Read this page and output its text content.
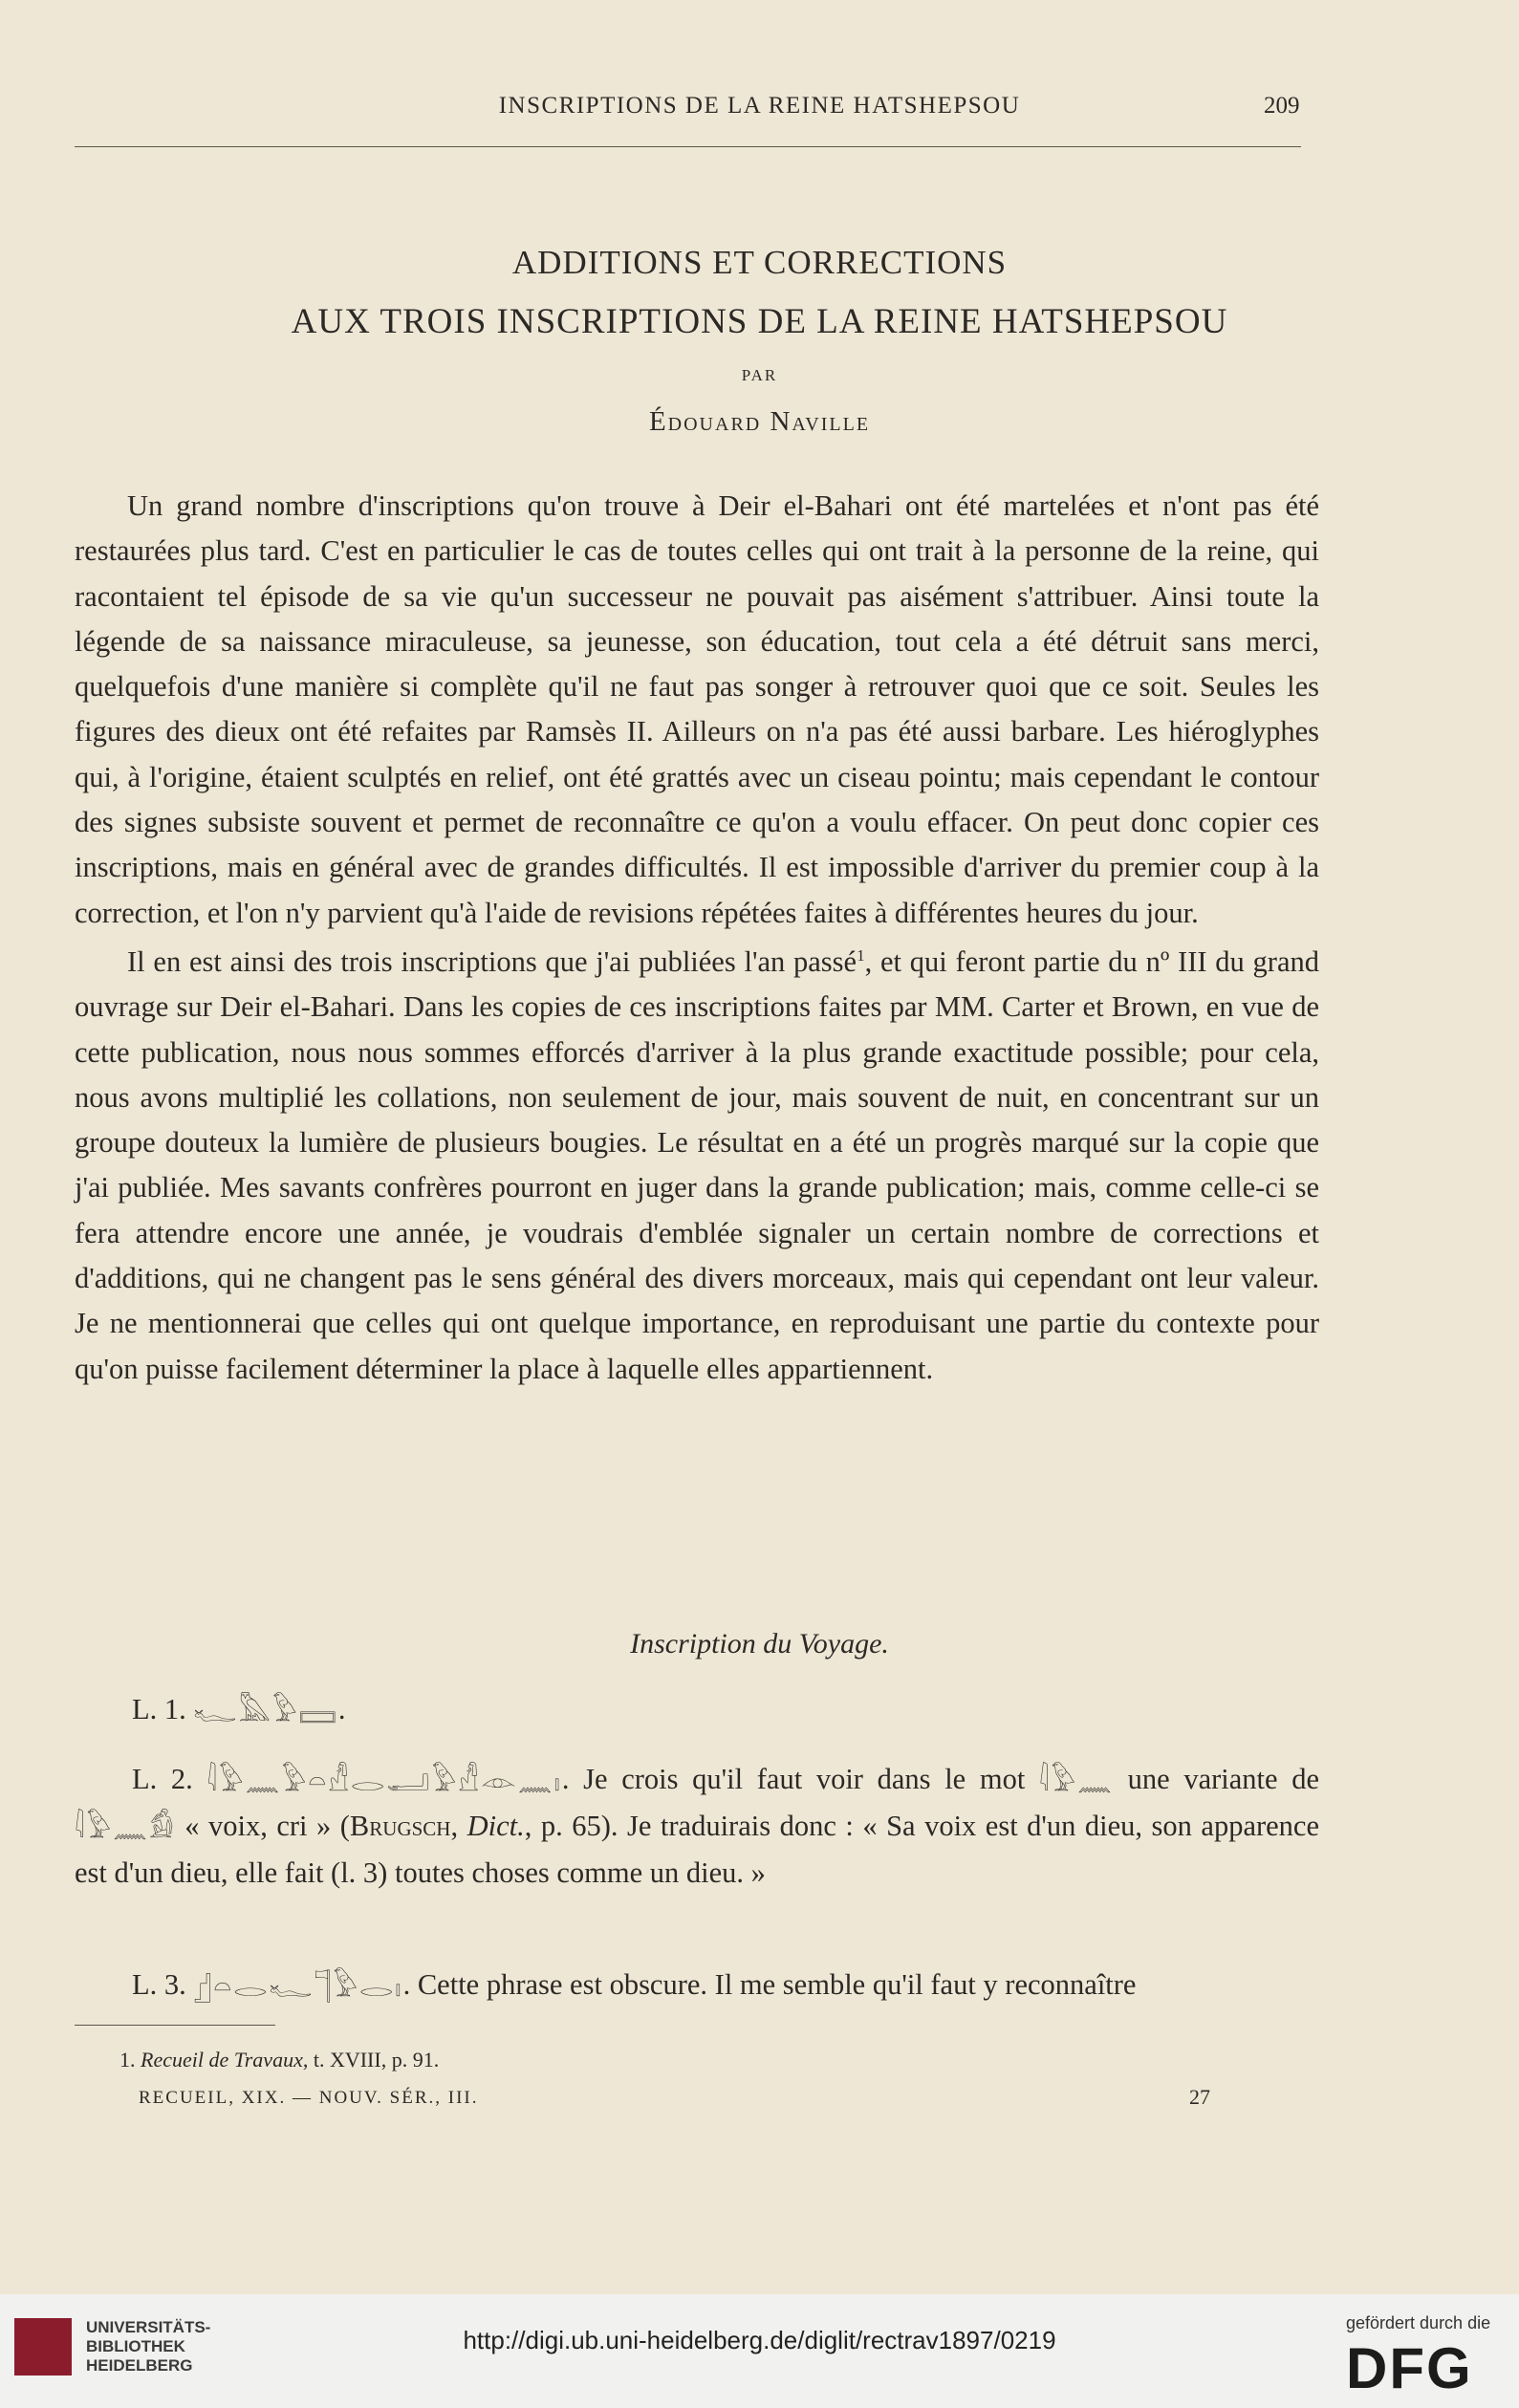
INSCRIPTIONS DE LA REINE HATSHEPSOU	209
ADDITIONS ET CORRECTIONS
AUX TROIS INSCRIPTIONS DE LA REINE HATSHEPSOU
PAR
Édouard Naville

Un grand nombre d'inscriptions qu'on trouve à Deir el-Bahari ont été martelées et n'ont pas été restaurées plus tard. C'est en particulier le cas de toutes celles qui ont trait à la personne de la reine, qui racontaient tel épisode de sa vie qu'un successeur ne pouvait pas aisément s'attribuer. Ainsi toute la légende de sa naissance miraculeuse, sa jeunesse, son éducation, tout cela a été détruit sans merci, quelquefois d'une manière si complète qu'il ne faut pas songer à retrouver quoi que ce soit. Seules les figures des dieux ont été refaites par Ramsès II. Ailleurs on n'a pas été aussi barbare. Les hiéroglyphes qui, à l'origine, étaient sculptés en relief, ont été grattés avec un ciseau pointu; mais cependant le contour des signes subsiste souvent et permet de reconnaître ce qu'on a voulu effacer. On peut donc copier ces inscriptions, mais en général avec de grandes difficultés. Il est impossible d'arriver du premier coup à la correction, et l'on n'y parvient qu'à l'aide de revisions répétées faites à différentes heures du jour.

Il en est ainsi des trois inscriptions que j'ai publiées l'an passé$^1$, et qui feront partie du nº III du grand ouvrage sur Deir el-Bahari. Dans les copies de ces inscriptions faites par MM. Carter et Brown, en vue de cette publication, nous nous sommes efforcés d'arriver à la plus grande exactitude possible; pour cela, nous avons multiplié les collations, non seulement de jour, mais souvent de nuit, en concentrant sur un groupe douteux la lumière de plusieurs bougies. Le résultat en a été un progrès marqué sur la copie que j'ai publiée. Mes savants confrères pourront en juger dans la grande publication; mais, comme celle-ci se fera attendre encore une année, je voudrais d'emblée signaler un certain nombre de corrections et d'additions, qui ne changent pas le sens général des divers morceaux, mais qui cependant ont leur valeur. Je ne mentionnerai que celles qui ont quelque importance, en reproduisant une partie du contexte pour qu'on puisse facilement déterminer la place à laquelle elles appartiennent.

Inscription du Voyage.
L. 1. 𓆑𓅓𓅱𓈙.
L. 2. 𓇋𓅱𓈖𓅱𓏏𓀭𓂋𓂝𓅱𓀭𓁹𓈖𓏤. Je crois qu'il faut voir dans le mot 𓇋𓅱𓈖 une variante de 𓇋𓅱𓈖𓀁 « voix, cri » (Brugsch, Dict., p. 65). Je traduirais donc : « Sa voix est d'un dieu, son apparence est d'un dieu, elle fait (l. 3) toutes choses comme un dieu. »
L. 3. 𓊨𓏏𓂋𓆑𓊹𓅱𓂋𓏤. Cette phrase est obscure. Il me semble qu'il faut y reconnaître
1. Recueil de Travaux, t. XVIII, p. 91.
RECUEIL, XIX. — NOUV. SÉR., III.	27
UNIVERSITÄTS-
BIBLIOTHEK
HEIDELBERG
http://digi.ub.uni-heidelberg.de/diglit/rectrav1897/0219
gefördert durch die
DFG
